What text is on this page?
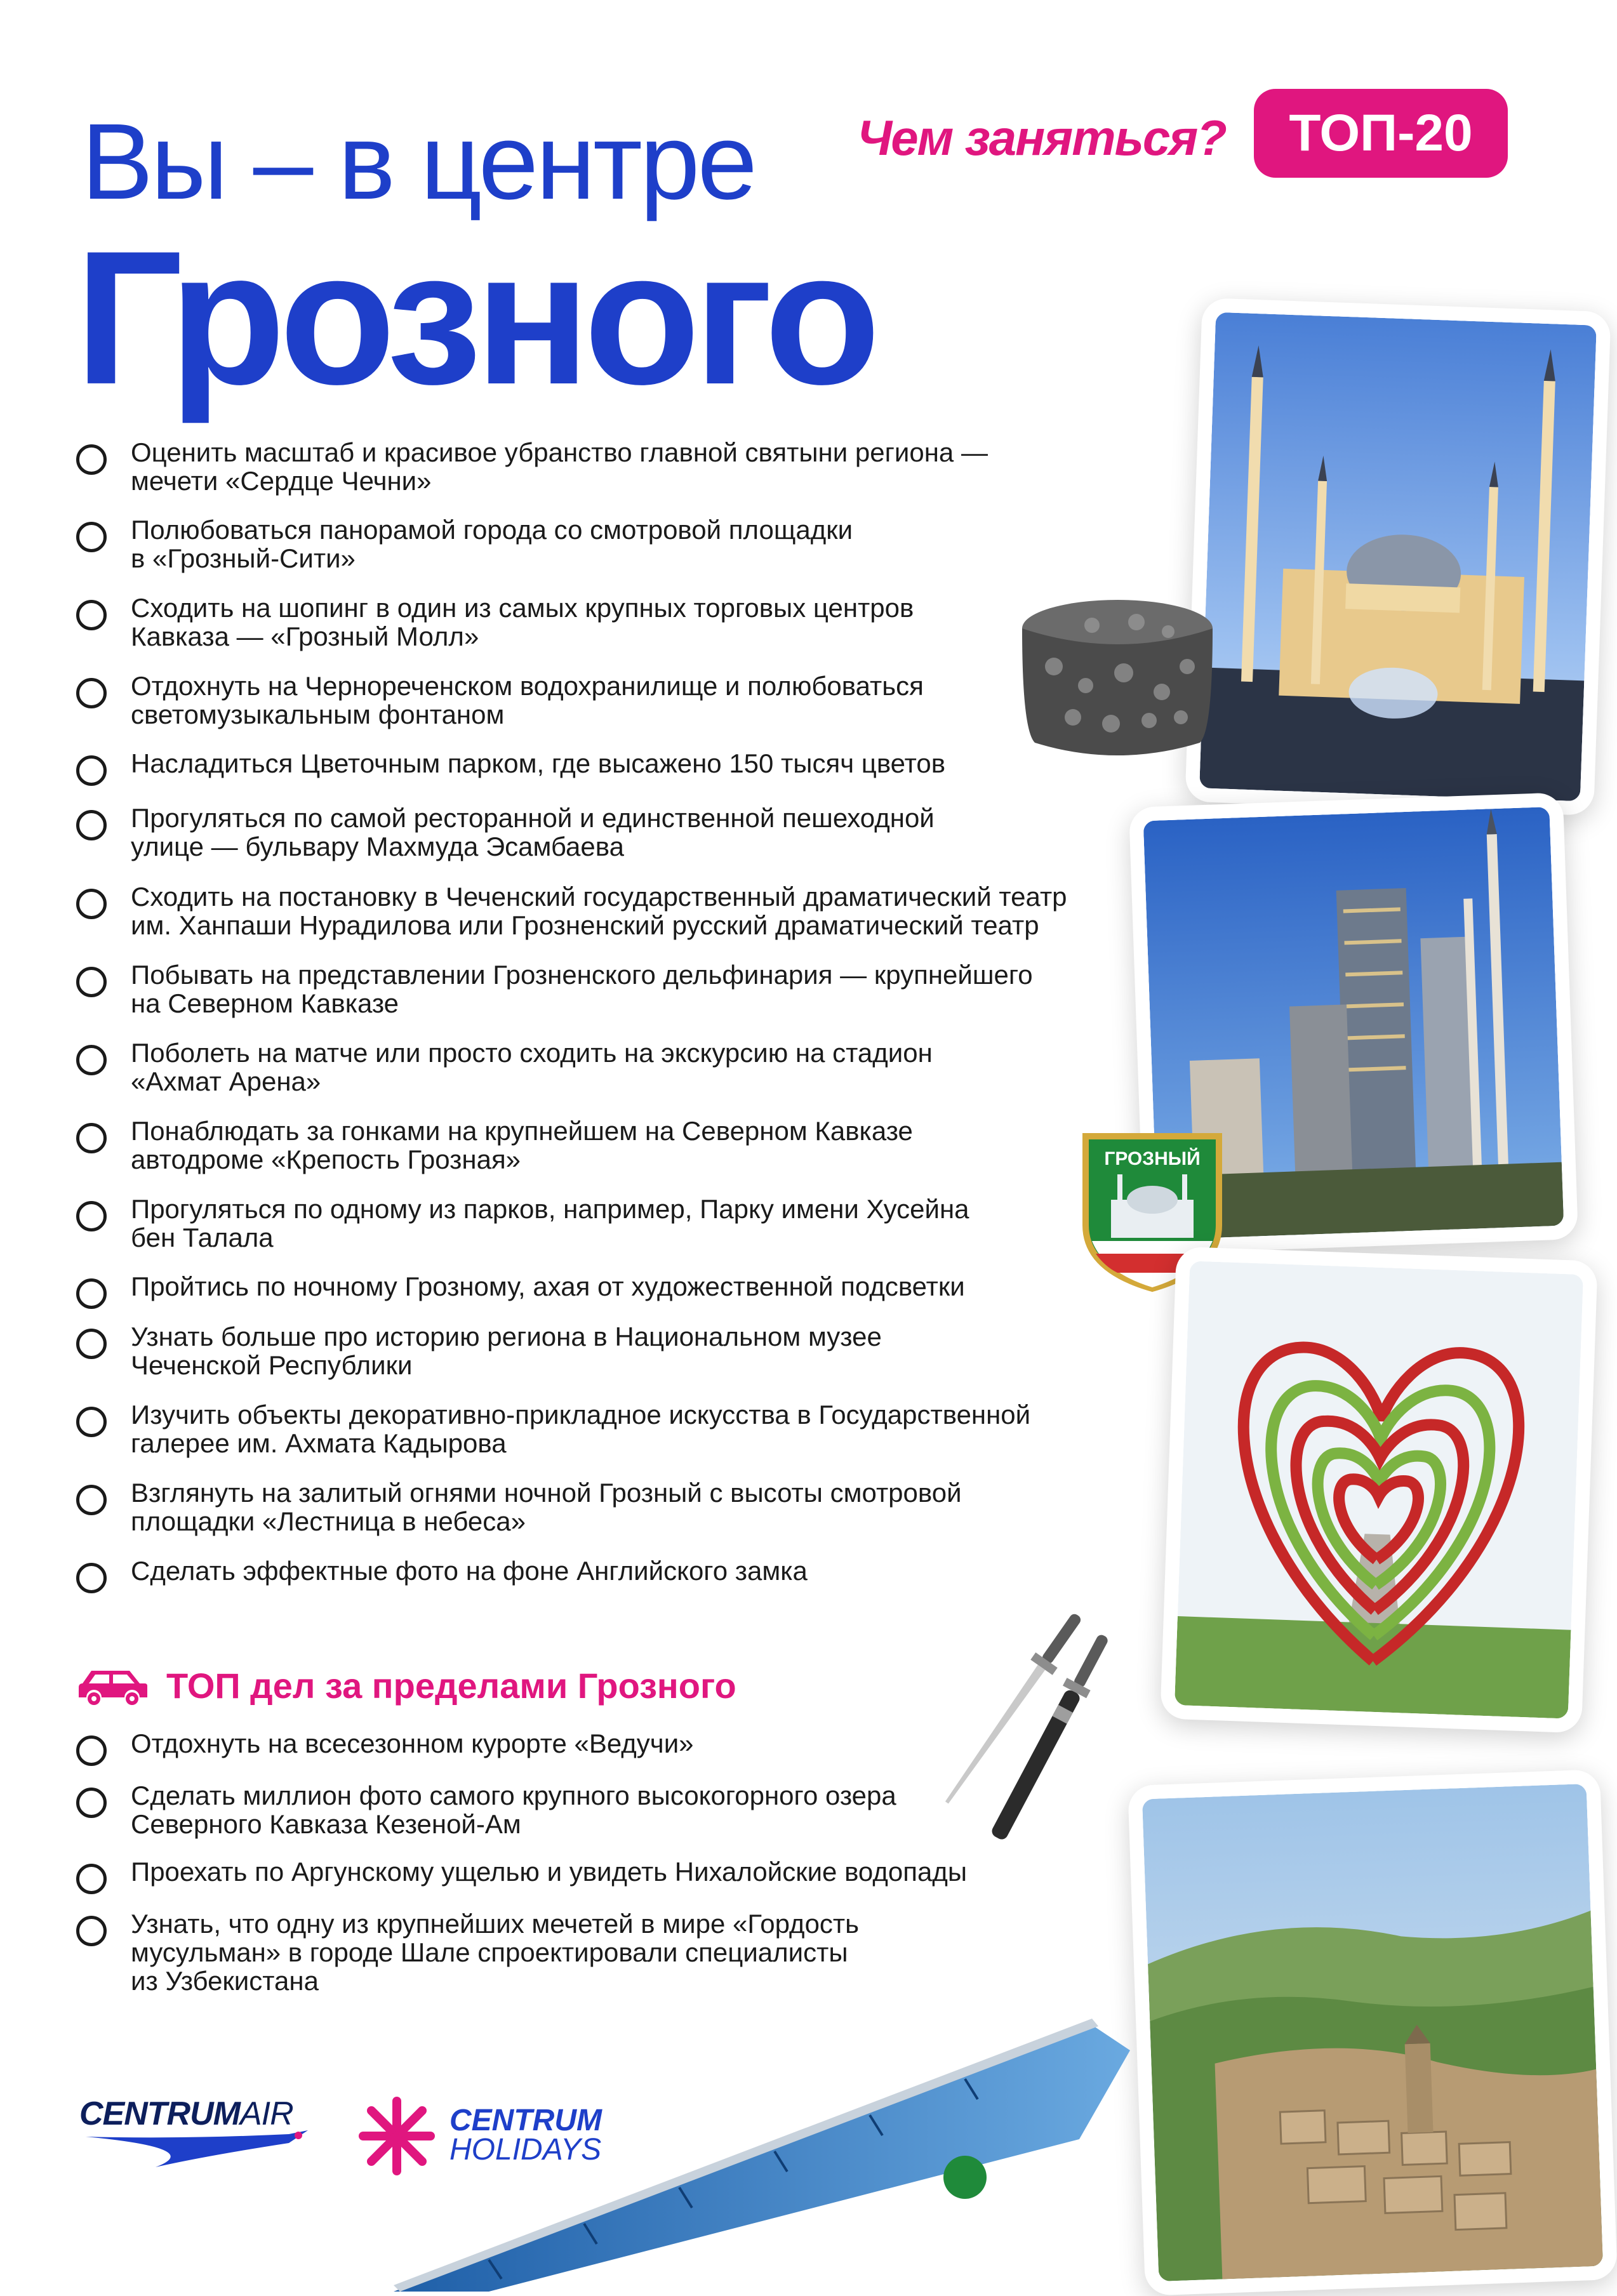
Вы – в центре
Грозного
Чем заняться?	ТОП-20
Оценить масштаб и красивое убранство главной святыни региона —
мечети «Сердце Чечни»
Полюбоваться панорамой города со смотровой площадки
в «Грозный-Сити»
Сходить на шопинг в один из самых крупных торговых центров
Кавказа — «Грозный Молл»
Отдохнуть на Чернореченском водохранилище и полюбоваться
светомузыкальным фонтаном
Насладиться Цветочным парком, где высажено 150 тысяч цветов
Прогуляться по самой ресторанной и единственной пешеходной
улице — бульвару Махмуда Эсамбаева
Сходить на постановку в Чеченский государственный драматический театр
им. Ханпаши Нурадилова или Грозненский русский драматический театр
Побывать на представлении Грозненского дельфинария — крупнейшего
на Северном Кавказе
Поболеть на матче или просто сходить на экскурсию на стадион
«Ахмат Арена»
Понаблюдать за гонками на крупнейшем на Северном Кавказе
автодроме «Крепость Грозная»
Прогуляться по одному из парков, например, Парку имени Хусейна
бен Талала
Пройтись по ночному Грозному, ахая от художественной подсветки
Узнать больше про историю региона в Национальном музее
Чеченской Республики
Изучить объекты декоративно-прикладное искусства в Государственной
галерее им. Ахмата Кадырова
Взглянуть на залитый огнями ночной Грозный с высоты смотровой
площадки «Лестница в небеса»
Сделать эффектные фото на фоне Английского замка
ТОП дел за пределами Грозного
Отдохнуть на всесезонном курорте «Ведучи»
Сделать миллион фото самого крупного высокогорного озера
Северного Кавказа Кезеной-Ам
Проехать по Аргунскому ущелью и увидеть Нихалойские водопады
Узнать, что одну из крупнейших мечетей в мире «Гордость
мусульман» в городе Шале спроектировали специалисты
из Узбекистана
ГРОЗНЫЙ
CENTRUMAIR	CENTRUM
HOLIDAYS
